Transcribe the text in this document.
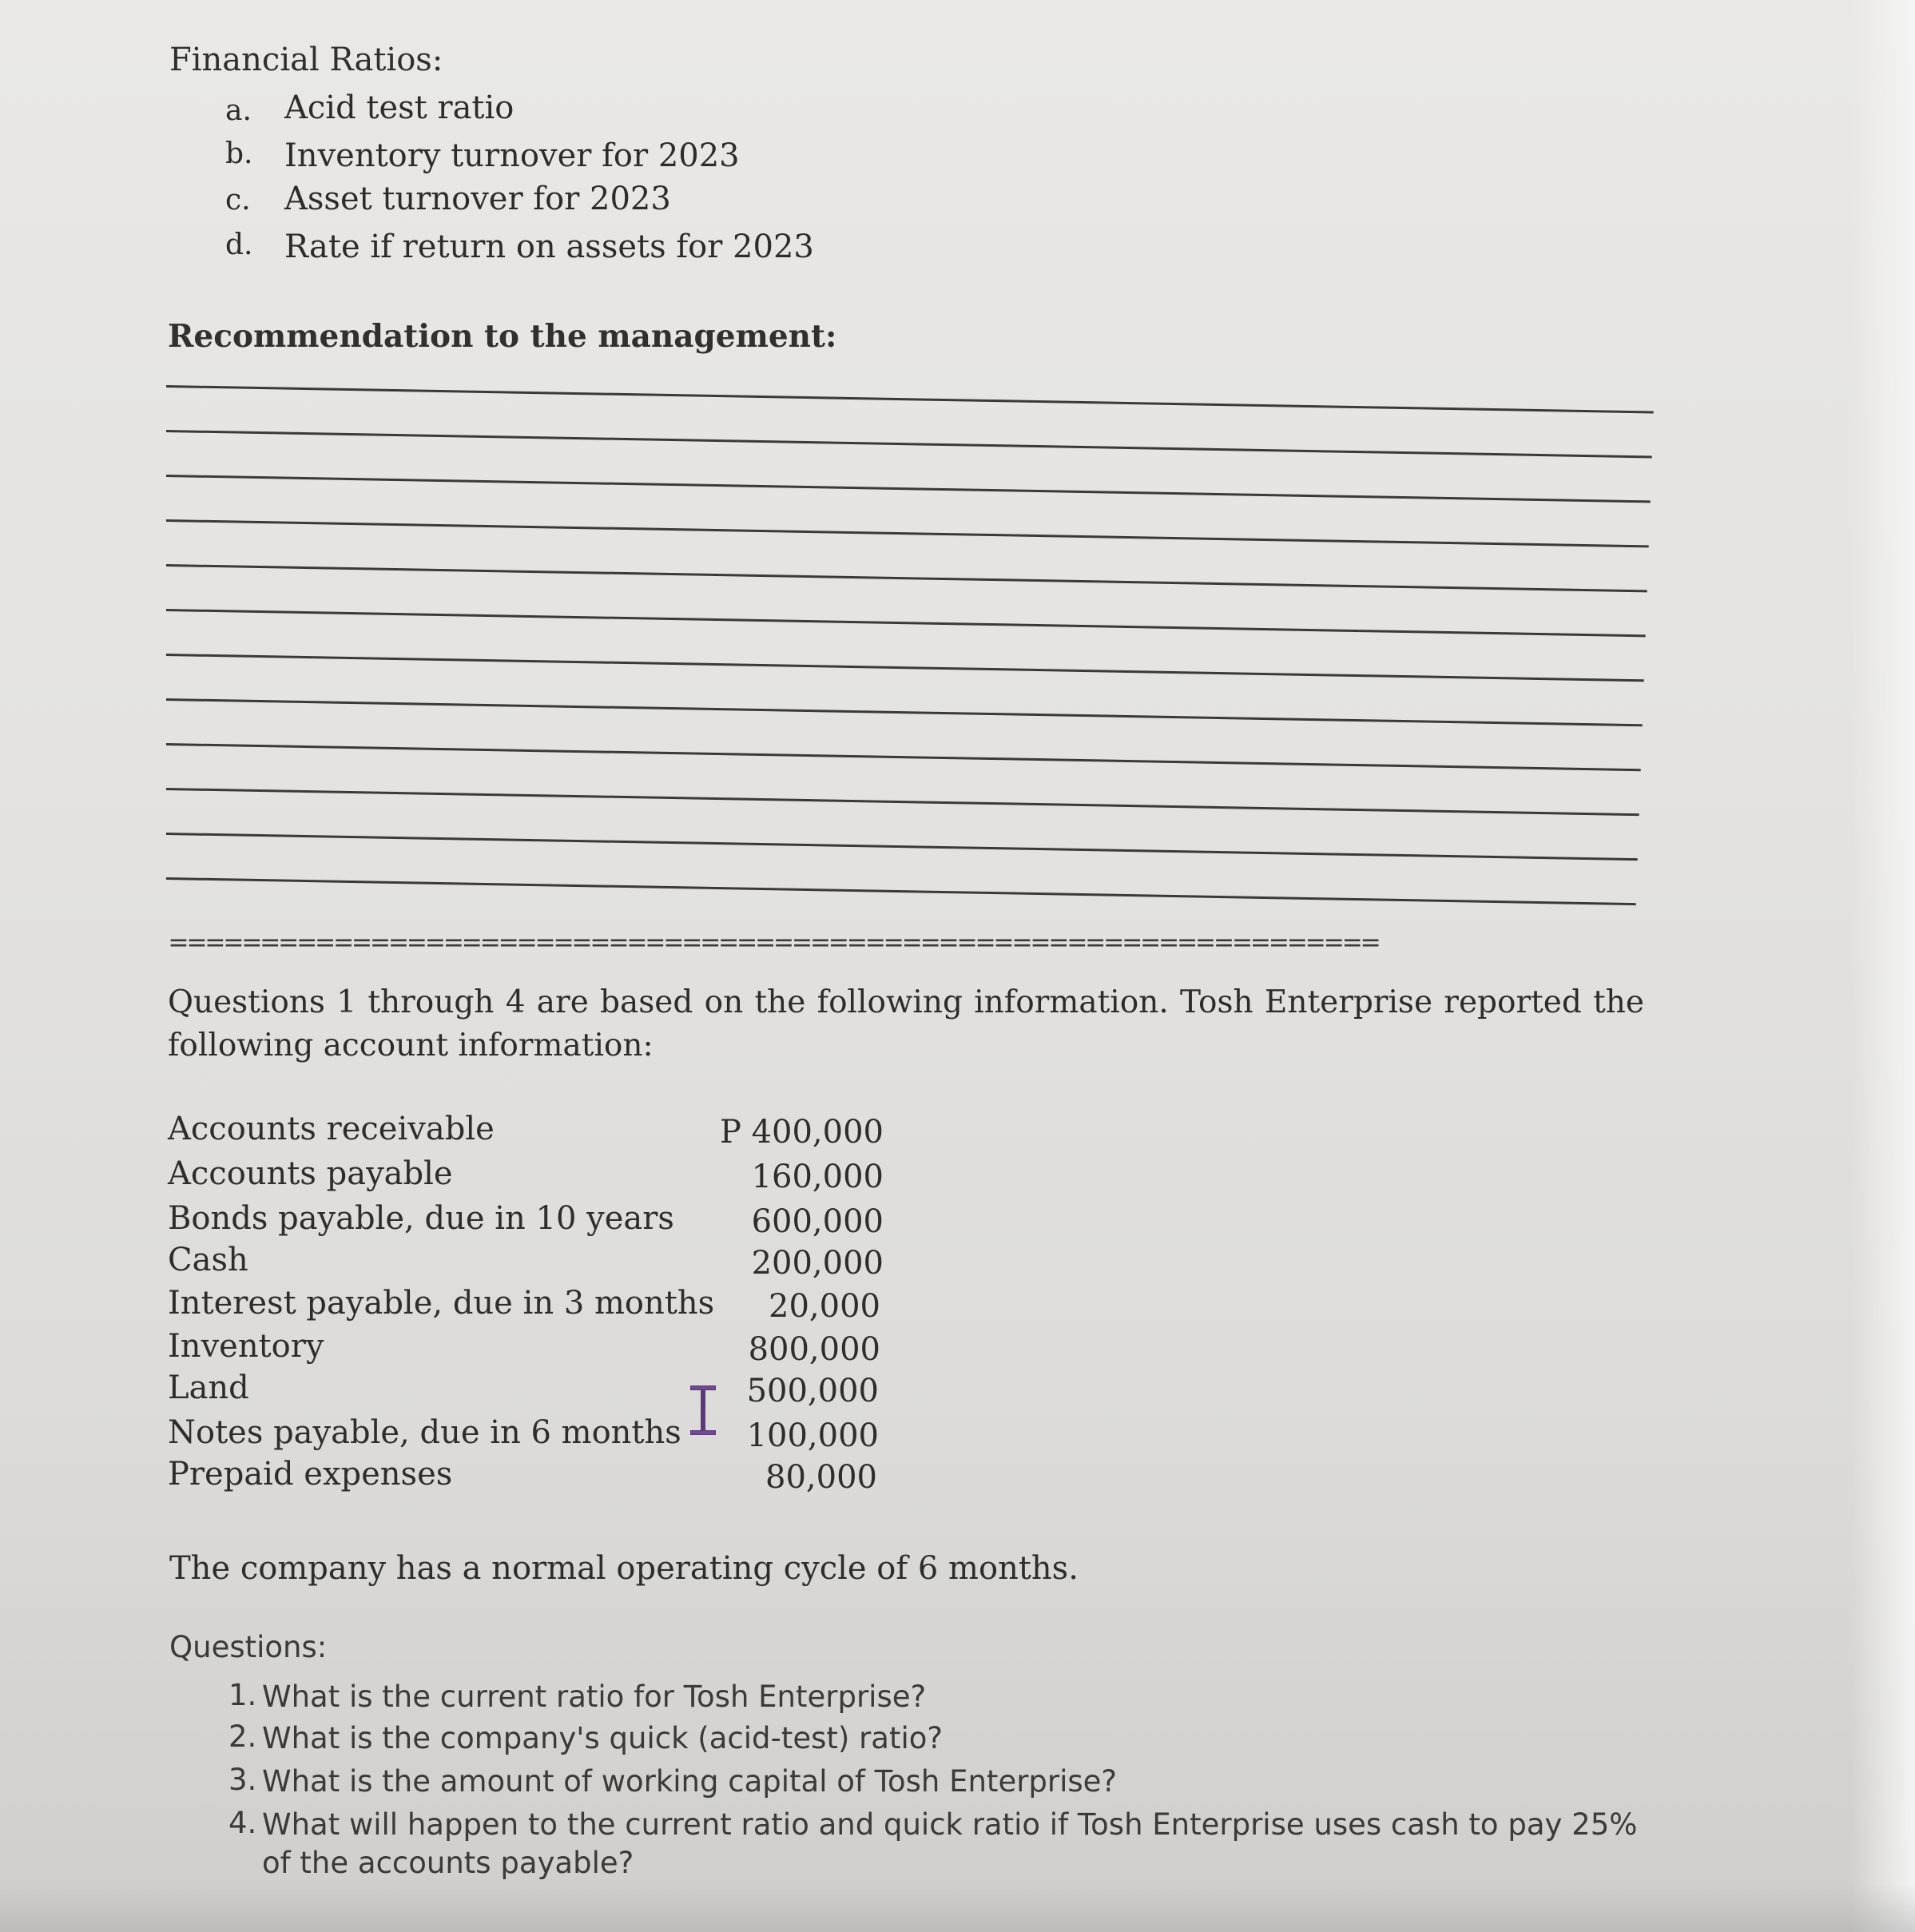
Financial Ratios:
a. Acid test ratio
b. Inventory turnover for 2023
c. Asset turnover for 2023
d. Rate if return on assets for 2023
Recommendation to the management:
==================================================================
Questions 1 through 4 are based on the following information. Tosh Enterprise reported the
following account information:
Accounts receivable	P 400,000
Accounts payable	160,000
Bonds payable, due in 10 years	600,000
Cash	200,000
Interest payable, due in 3 months	20,000
Inventory	800,000
Land	500,000
Notes payable, due in 6 months	100,000
Prepaid expenses	80,000
The company has a normal operating cycle of 6 months.
Questions:
1. What is the current ratio for Tosh Enterprise?
2. What is the company's quick (acid-test) ratio?
3. What is the amount of working capital of Tosh Enterprise?
4. What will happen to the current ratio and quick ratio if Tosh Enterprise uses cash to pay 25%
of the accounts payable?
